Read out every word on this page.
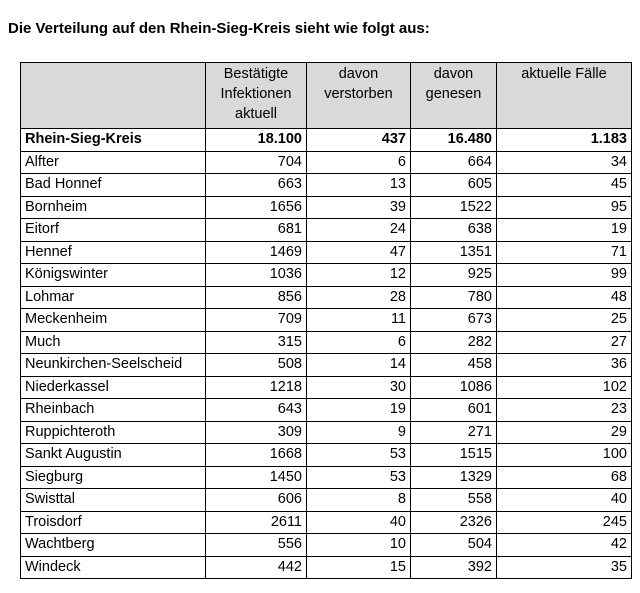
Die Verteilung auf den Rhein-Sieg-Kreis sieht wie folgt aus:
	Bestätigte Infektionen aktuell	davon verstorben	davon genesen	aktuelle Fälle
Rhein-Sieg-Kreis	18.100	437	16.480	1.183
Alfter	704	6	664	34
Bad Honnef	663	13	605	45
Bornheim	1656	39	1522	95
Eitorf	681	24	638	19
Hennef	1469	47	1351	71
Königswinter	1036	12	925	99
Lohmar	856	28	780	48
Meckenheim	709	11	673	25
Much	315	6	282	27
Neunkirchen-Seelscheid	508	14	458	36
Niederkassel	1218	30	1086	102
Rheinbach	643	19	601	23
Ruppichteroth	309	9	271	29
Sankt Augustin	1668	53	1515	100
Siegburg	1450	53	1329	68
Swisttal	606	8	558	40
Troisdorf	2611	40	2326	245
Wachtberg	556	10	504	42
Windeck	442	15	392	35
